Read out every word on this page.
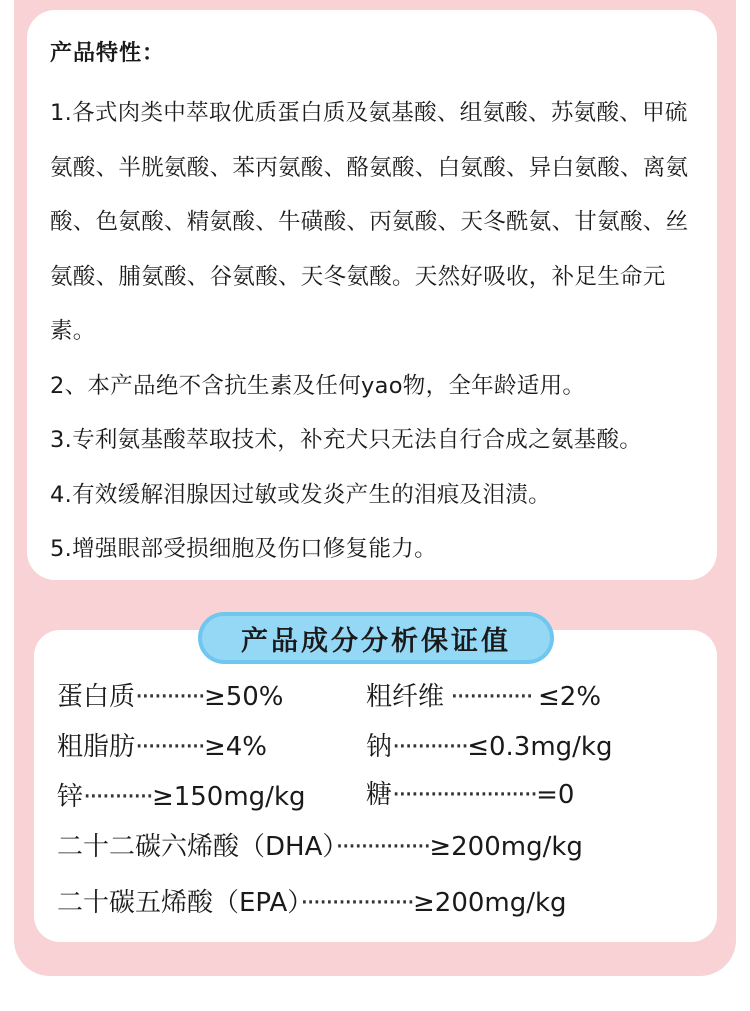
产品特性：
1.各式肉类中萃取优质蛋白质及氨基酸、组氨酸、苏氨酸、甲硫氨酸、半胱氨酸、苯丙氨酸、酪氨酸、白氨酸、异白氨酸、离氨酸、色氨酸、精氨酸、牛磺酸、丙氨酸、天冬酰氨、甘氨酸、丝氨酸、脯氨酸、谷氨酸、天冬氨酸。天然好吸收，补足生命元素。
2、本产品绝不含抗生素及任何yao物，全年龄适用。
3.专利氨基酸萃取技术，补充犬只无法自行合成之氨基酸。
4.有效缓解泪腺因过敏或发炎产生的泪痕及泪渍。
5.增强眼部受损细胞及伤口修复能力。
产品成分分析保证值
蛋白质···········≥50%	粗纤维 ············· ≤2%
粗脂肪···········≥4%	钠············≤0.3mg/kg
锌···········≥150mg/kg 糖·······················=0
二十二碳六烯酸（DHA）···············≥200mg/kg
二十碳五烯酸（EPA）··················≥200mg/kg
